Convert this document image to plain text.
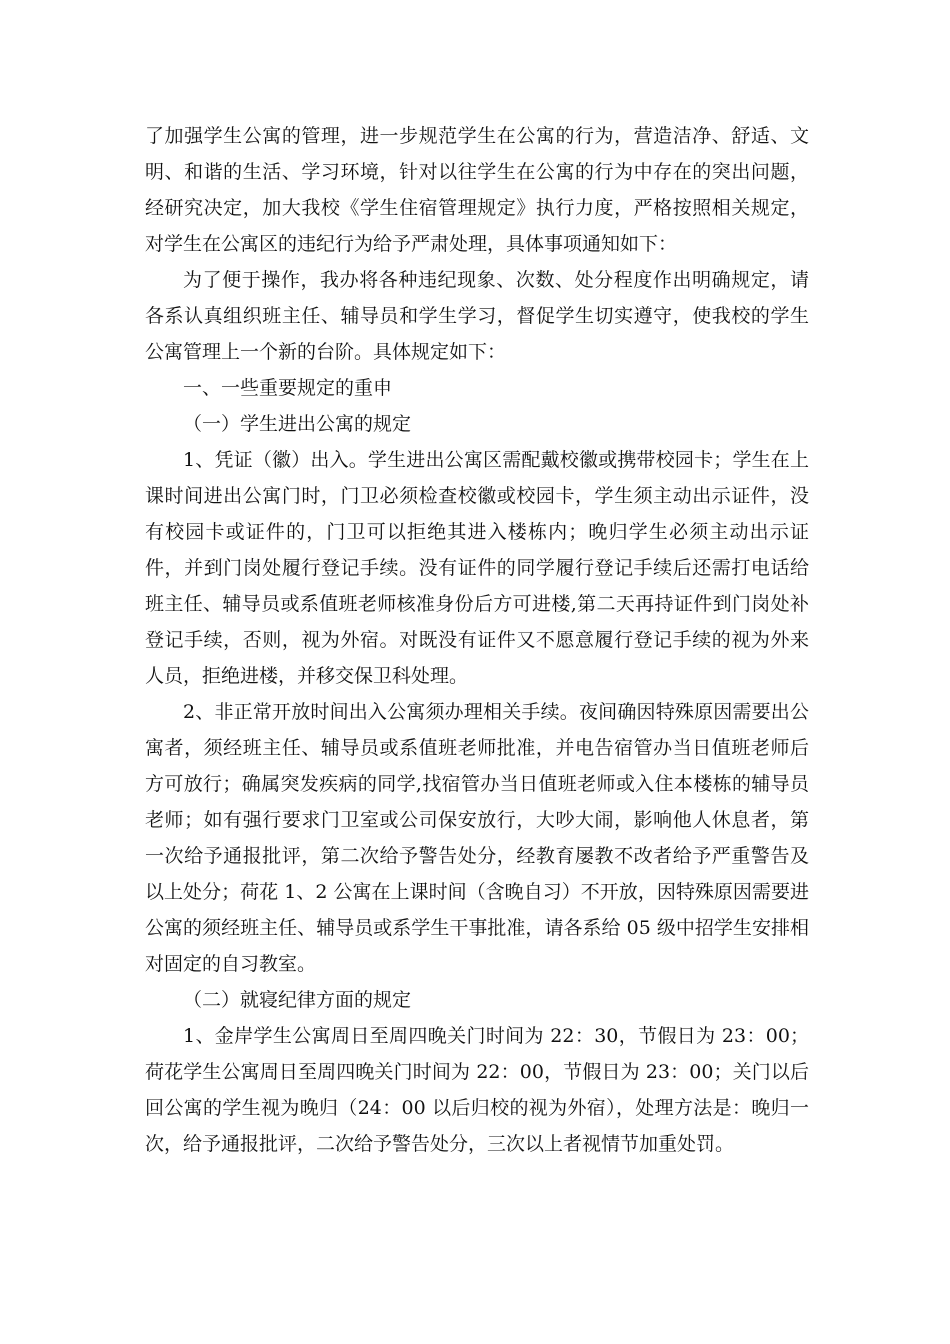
了加强学生公寓的管理，进一步规范学生在公寓的行为，营造洁净、舒适、文明、和谐的生活、学习环境，针对以往学生在公寓的行为中存在的突出问题，经研究决定，加大我校《学生住宿管理规定》执行力度，严格按照相关规定，对学生在公寓区的违纪行为给予严肃处理，具体事项通知如下：

为了便于操作，我办将各种违纪现象、次数、处分程度作出明确规定，请各系认真组织班主任、辅导员和学生学习，督促学生切实遵守，使我校的学生公寓管理上一个新的台阶。具体规定如下：

一、一些重要规定的重申

（一）学生进出公寓的规定

1、凭证（徽）出入。学生进出公寓区需配戴校徽或携带校园卡；学生在上课时间进出公寓门时，门卫必须检查校徽或校园卡，学生须主动出示证件，没有校园卡或证件的，门卫可以拒绝其进入楼栋内；晚归学生必须主动出示证件，并到门岗处履行登记手续。没有证件的同学履行登记手续后还需打电话给班主任、辅导员或系值班老师核准身份后方可进楼,第二天再持证件到门岗处补登记手续，否则，视为外宿。对既没有证件又不愿意履行登记手续的视为外来人员，拒绝进楼，并移交保卫科处理。

2、非正常开放时间出入公寓须办理相关手续。夜间确因特殊原因需要出公寓者，须经班主任、辅导员或系值班老师批准，并电告宿管办当日值班老师后方可放行；确属突发疾病的同学,找宿管办当日值班老师或入住本楼栋的辅导员老师；如有强行要求门卫室或公司保安放行，大吵大闹，影响他人休息者，第一次给予通报批评，第二次给予警告处分，经教育屡教不改者给予严重警告及以上处分；荷花 1、2 公寓在上课时间（含晚自习）不开放，因特殊原因需要进公寓的须经班主任、辅导员或系学生干事批准，请各系给 05 级中招学生安排相对固定的自习教室。

（二）就寝纪律方面的规定

1、金岸学生公寓周日至周四晚关门时间为 22：30，节假日为 23：00；荷花学生公寓周日至周四晚关门时间为 22：00，节假日为 23：00；关门以后回公寓的学生视为晚归（24：00 以后归校的视为外宿），处理方法是：晚归一次，给予通报批评，二次给予警告处分，三次以上者视情节加重处罚。
